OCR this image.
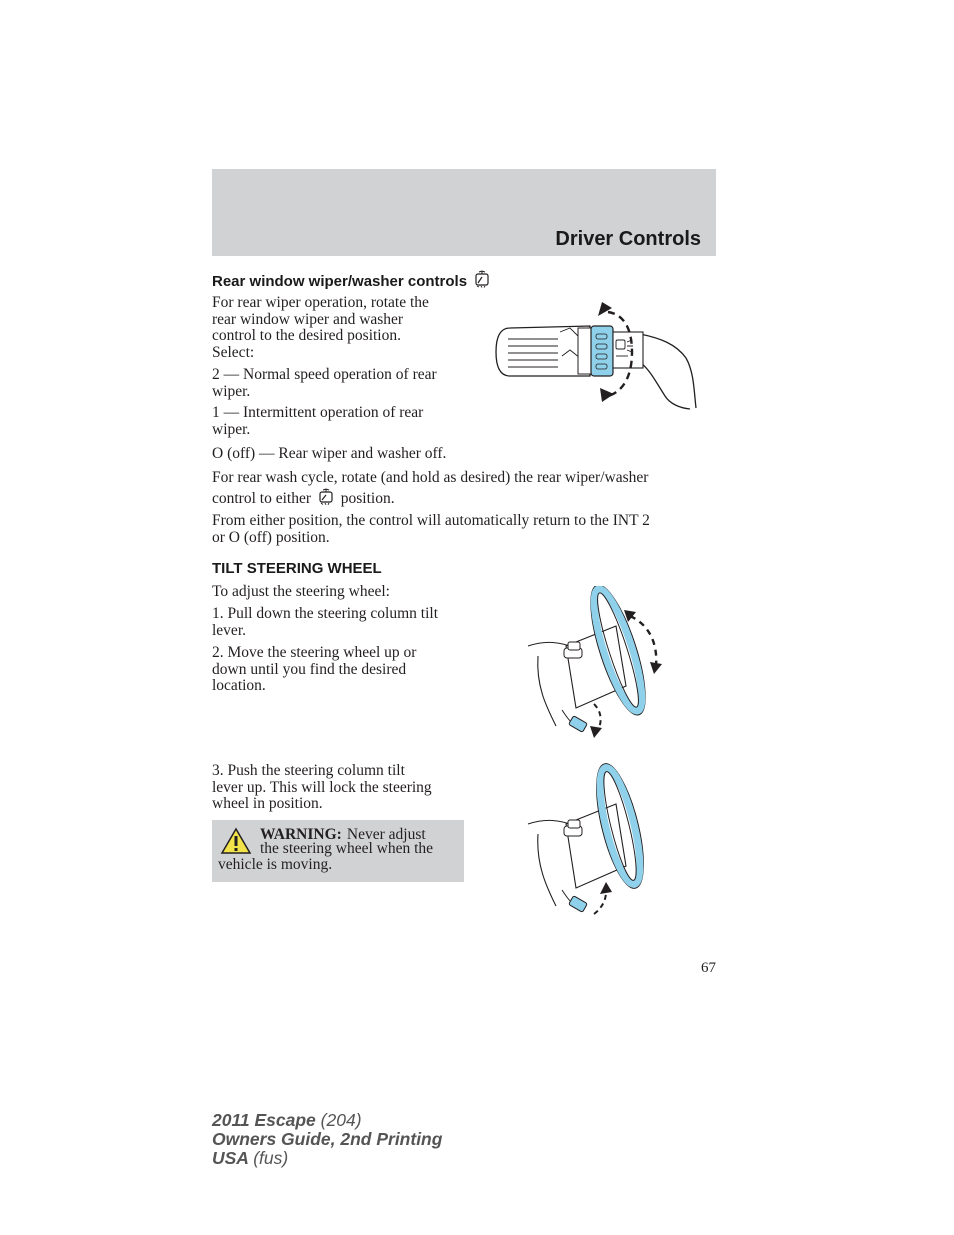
Driver Controls
Rear window wiper/washer controls

For rear wiper operation, rotate the

rear window wiper and washer

control to the desired position.

Select:

2 — Normal speed operation of rear

wiper.

1 — Intermittent operation of rear

wiper.

O (off) — Rear wiper and washer off.

For rear wash cycle, rotate (and hold as desired) the rear wiper/washer

control to either position.

From either position, the control will automatically return to the INT 2

or O (off) position.

TILT STEERING WHEEL

To adjust the steering wheel:

1. Pull down the steering column tilt

lever.

2. Move the steering wheel up or

down until you find the desired

location.

3. Push the steering column tilt

lever up. This will lock the steering

wheel in position.

WARNING: Never adjust

the steering wheel when the

vehicle is moving.

67
2011 Escape (204)
Owners Guide, 2nd Printing
USA (fus)
